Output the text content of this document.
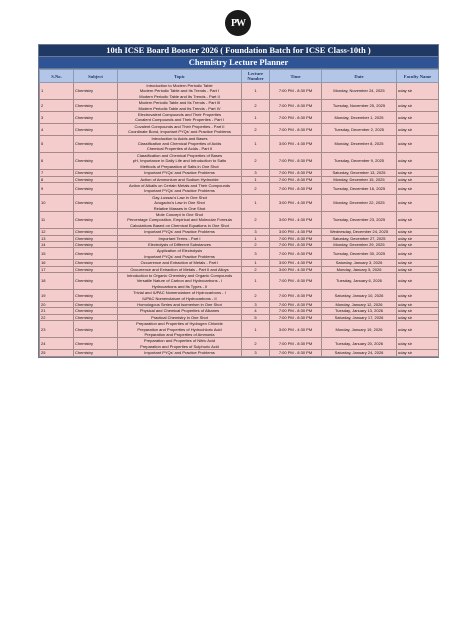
PW
10th ICSE Board Booster 2026 ( Foundation Batch for ICSE Class-10th )
Chemistry Lecture Planner
S.No.	Subject	Topic	Lecture Number	Time	Date	Faculty Name
1	Chemistry	Introduction to Modern Periodic Table
Modern Periodic Table and Its Trends - Part I
Modern Periodic Table and Its Trends - Part II	1	7:00 PM - 8:30 PM	Monday, November 24, 2025	uday sir
2	Chemistry	Modern Periodic Table and Its Trends - Part III
Modern Periodic Table and Its Trends - Part IV	2	7:00 PM - 8:30 PM	Tuesday, November 25, 2025	uday sir
3	Chemistry	Electrovalent Compounds and Their Properties
Covalent Compounds and Their Properties - Part I	1	7:00 PM - 8:30 PM	Monday, December 1, 2025	uday sir
4	Chemistry	Covalent Compounds and Their Properties - Part II
Coordinate Bond, Important PYQs' and Practice Problems	2	7:00 PM - 8:30 PM	Tuesday, December 2, 2025	uday sir
5	Chemistry	Introduction to Acids and Bases
Classification and Chemical Properties of Acids
Chemical Properties of Acids - Part II	1	3:00 PM - 4:30 PM	Monday, December 8, 2025	uday sir
6	Chemistry	Classification and Chemical Properties of Bases
pH, Importance in Daily Life and Introduction to Salts
Methods of Preparation of Salts in One Shot	2	7:00 PM - 8:30 PM	Tuesday, December 9, 2025	uday sir
7	Chemistry	Important PYQs' and Practice Problems	3	7:00 PM - 8:30 PM	Saturday, December 13, 2025	uday sir
8	Chemistry	Action of Ammonium and Sodium Hydroxide	1	7:00 PM - 8:30 PM	Monday, December 15, 2025	uday sir
9	Chemistry	Action of Alkalis on Certain Metals and Their Compounds
Important PYQs' and Practice Problems	2	7:00 PM - 8:30 PM	Tuesday, December 16, 2025	uday sir
10	Chemistry	Gay-Lussac's Law in One Shot
Avogadro's Law in One Shot
Relative Masses in One Shot	1	3:00 PM - 4:30 PM	Monday, December 22, 2025	uday sir
11	Chemistry	Mole Concept in One Shot
Percentage Composition, Empirical and Molecular Formula
Calculations Based on Chemical Equations in One Shot	2	3:00 PM - 4:30 PM	Tuesday, December 23, 2025	uday sir
12	Chemistry	Important PYQs' and Practice Problems	3	3:00 PM - 4:30 PM	Wednesday, December 24, 2025	uday sir
13	Chemistry	Important Terms - Part I	1	7:00 PM - 8:30 PM	Saturday, December 27, 2025	uday sir
14	Chemistry	Electrolysis of Different Substances	2	7:00 PM - 8:30 PM	Monday, December 29, 2025	uday sir
15	Chemistry	Application of Electrolysis
Important PYQs' and Practice Problems	3	7:00 PM - 8:30 PM	Tuesday, December 30, 2025	uday sir
16	Chemistry	Occurrence and Extraction of Metals - Part I	1	3:00 PM - 4:30 PM	Saturday, January 3, 2026	uday sir
17	Chemistry	Occurrence and Extraction of Metals - Part II and Alloys	2	3:00 PM - 4:30 PM	Monday, January 5, 2026	uday sir
18	Chemistry	Introduction to Organic Chemistry and Organic Compounds
Versatile Nature of Carbon and Hydrocarbons - I
Hydrocarbons and Its Types - II	1	7:00 PM - 8:30 PM	Tuesday, January 6, 2026	uday sir
19	Chemistry	Trivial and IUPAC Nomenclature of Hydrocarbons - I
IUPAC Nomenclature of Hydrocarbons - II	2	7:00 PM - 8:30 PM	Saturday, January 10, 2026	uday sir
20	Chemistry	Homologous Series and Isomerism in One Shot	3	7:00 PM - 8:30 PM	Monday, January 12, 2026	uday sir
21	Chemistry	Physical and Chemical Properties of Alkanes	4	7:00 PM - 8:30 PM	Tuesday, January 13, 2026	uday sir
22	Chemistry	Practical Chemistry in One Shot	5	7:00 PM - 8:30 PM	Saturday, January 17, 2026	uday sir
23	Chemistry	Preparation and Properties of Hydrogen Chloride
Preparation and Properties of Hydrochloric Acid
Preparation and Properties of Ammonia	1	3:00 PM - 4:30 PM	Monday, January 19, 2026	uday sir
24	Chemistry	Preparation and Properties of Nitric Acid
Preparation and Properties of Sulphuric Acid	2	7:00 PM - 8:30 PM	Tuesday, January 20, 2026	uday sir
25	Chemistry	Important PYQs' and Practice Problems	3	7:00 PM - 8:30 PM	Saturday, January 24, 2026	uday sir
